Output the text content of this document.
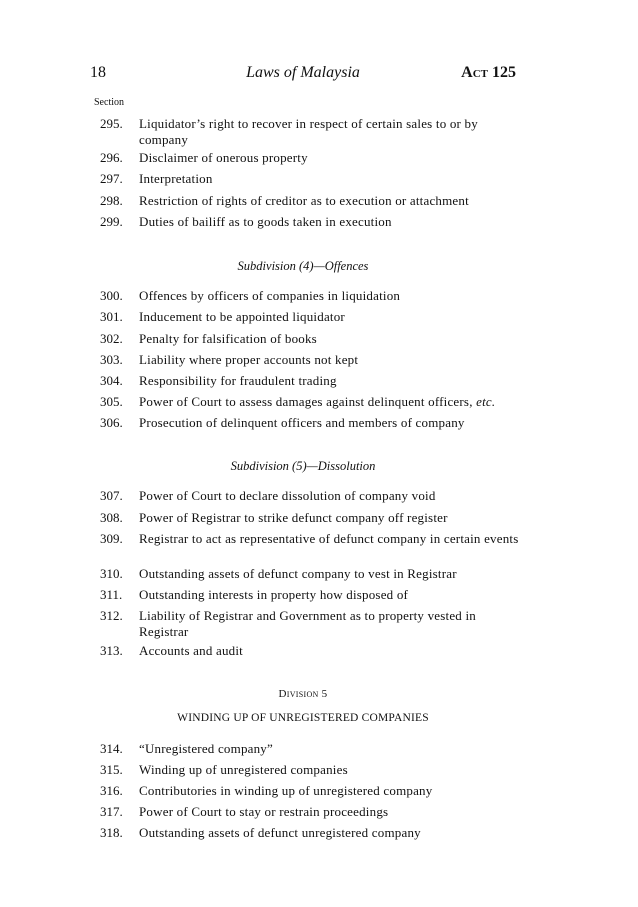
18	Laws of Malaysia	Act 125
Section
295.	Liquidator’s right to recover in respect of certain sales to or by company
296.	Disclaimer of onerous property
297.	Interpretation
298.	Restriction of rights of creditor as to execution or attachment
299.	Duties of bailiff as to goods taken in execution
Subdivision (4)—Offences
300.	Offences by officers of companies in liquidation
301.	Inducement to be appointed liquidator
302.	Penalty for falsification of books
303.	Liability where proper accounts not kept
304.	Responsibility for fraudulent trading
305.	Power of Court to assess damages against delinquent officers, etc.
306.	Prosecution of delinquent officers and members of company
Subdivision (5)—Dissolution
307.	Power of Court to declare dissolution of company void
308.	Power of Registrar to strike defunct company off register
309.	Registrar to act as representative of defunct company in certain events
310.	Outstanding assets of defunct company to vest in Registrar
311.	Outstanding interests in property how disposed of
312.	Liability of Registrar and Government as to property vested in Registrar
313.	Accounts and audit
Division 5
WINDING UP OF UNREGISTERED COMPANIES
314.	“Unregistered company”
315.	Winding up of unregistered companies
316.	Contributories in winding up of unregistered company
317.	Power of Court to stay or restrain proceedings
318.	Outstanding assets of defunct unregistered company
